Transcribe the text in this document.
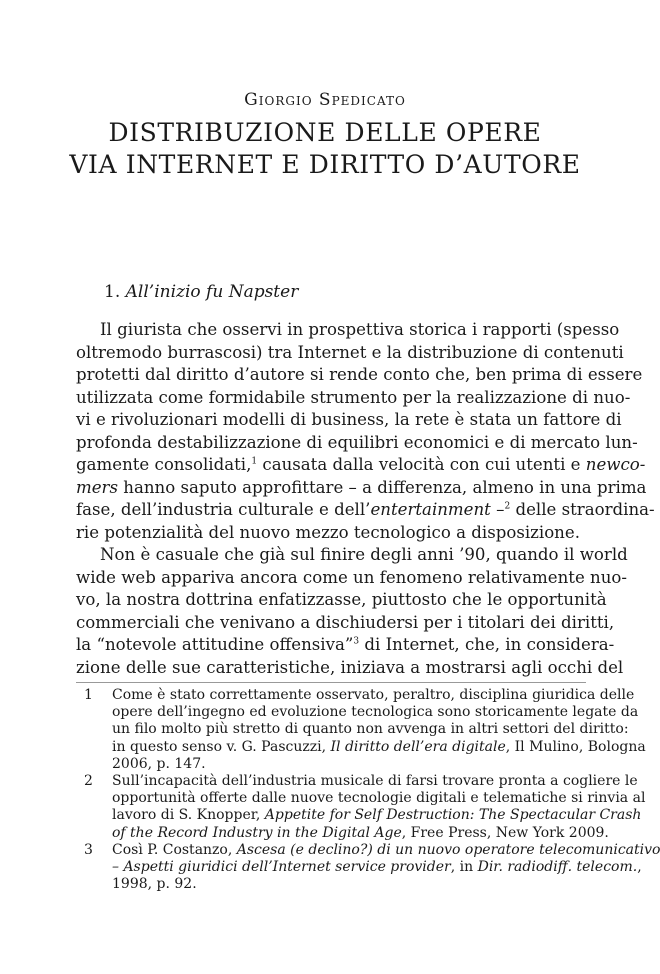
Giorgio Spedicato
DISTRIBUZIONE DELLE OPERE
VIA INTERNET E DIRITTO D’AUTORE
1. All’inizio fu Napster
Il giurista che osservi in prospettiva storica i rapporti (spesso
oltremodo burrascosi) tra Internet e la distribuzione di contenuti
protetti dal diritto d’autore si rende conto che, ben prima di essere
utilizzata come formidabile strumento per la realizzazione di nuo-
vi e rivoluzionari modelli di business, la rete è stata un fattore di
profonda destabilizzazione di equilibri economici e di mercato lun-
gamente consolidati,$^1$ causata dalla velocità con cui utenti e newco-
mers hanno saputo approfittare – a differenza, almeno in una prima
fase, dell’industria culturale e dell’entertainment –$^2$ delle straordina-
rie potenzialità del nuovo mezzo tecnologico a disposizione.
Non è casuale che già sul finire degli anni ’90, quando il world
wide web appariva ancora come un fenomeno relativamente nuo-
vo, la nostra dottrina enfatizzasse, piuttosto che le opportunità
commerciali che venivano a dischiudersi per i titolari dei diritti,
la “notevole attitudine offensiva”$^3$ di Internet, che, in considera-
zione delle sue caratteristiche, iniziava a mostrarsi agli occhi del
1 Come è stato correttamente osservato, peraltro, disciplina giuridica delle
opere dell’ingegno ed evoluzione tecnologica sono storicamente legate da
un filo molto più stretto di quanto non avvenga in altri settori del diritto:
in questo senso v. G. Pascuzzi, Il diritto dell’era digitale, Il Mulino, Bologna
2006, p. 147.
2 Sull’incapacità dell’industria musicale di farsi trovare pronta a cogliere le
opportunità offerte dalle nuove tecnologie digitali e telematiche si rinvia al
lavoro di S. Knopper, Appetite for Self Destruction: The Spectacular Crash
of the Record Industry in the Digital Age, Free Press, New York 2009.
3 Così P. Costanzo, Ascesa (e declino?) di un nuovo operatore telecomunicativo
– Aspetti giuridici dell’Internet service provider, in Dir. radiodiff. telecom.,
1998, p. 92.
